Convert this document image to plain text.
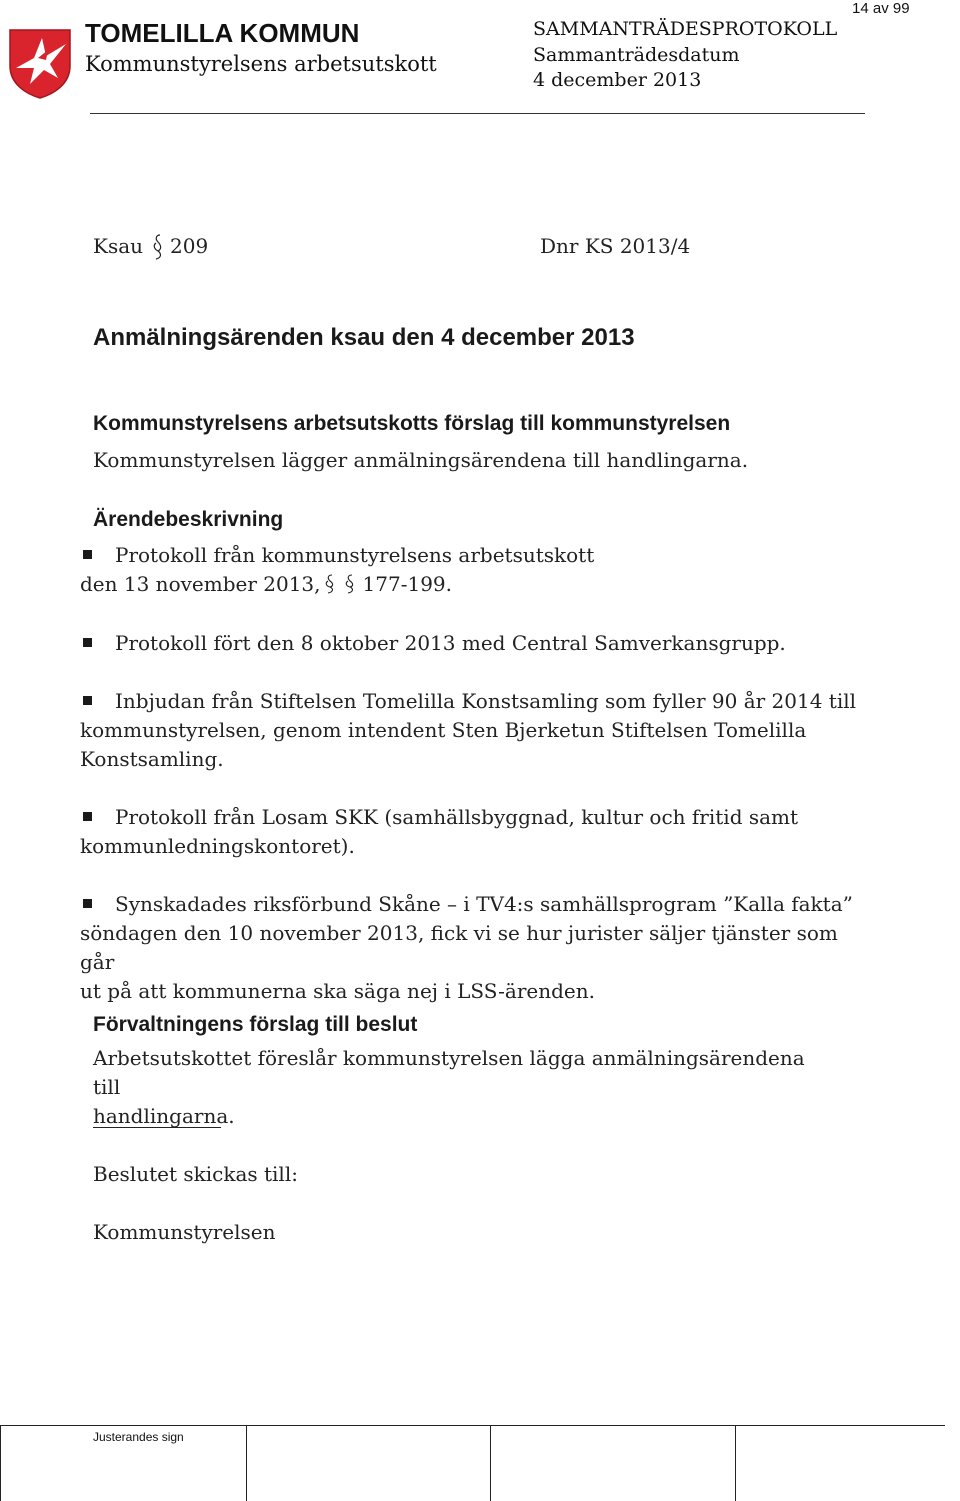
TOMELILLA KOMMUN
Kommunstyrelsens arbetsutskott
SAMMANTRÄDESPROTOKOLL
Sammanträdesdatum
4 december 2013
14 av 99
Ksau 209	Dnr KS 2013/4
Anmälningsärenden ksau den 4 december 2013
Kommunstyrelsens arbetsutskotts förslag till kommunstyrelsen
Kommunstyrelsen lägger anmälningsärendena till handlingarna.
Ärendebeskrivning
Protokoll från kommunstyrelsens arbetsutskott
den 13 november 2013, 177-199.
Protokoll fört den 8 oktober 2013 med Central Samverkansgrupp.
Inbjudan från Stiftelsen Tomelilla Konstsamling som fyller 90 år 2014 till
kommunstyrelsen, genom intendent Sten Bjerketun Stiftelsen Tomelilla
Konstsamling.
Protokoll från Losam SKK (samhällsbyggnad, kultur och fritid samt
kommunledningskontoret).
Synskadades riksförbund Skåne – i TV4:s samhällsprogram ”Kalla fakta”
söndagen den 10 november 2013, fick vi se hur jurister säljer tjänster som går
ut på att kommunerna ska säga nej i LSS-ärenden.
Förvaltningens förslag till beslut
Arbetsutskottet föreslår kommunstyrelsen lägga anmälningsärendena till
handlingarna.
Beslutet skickas till:
Kommunstyrelsen
Justerandes sign
